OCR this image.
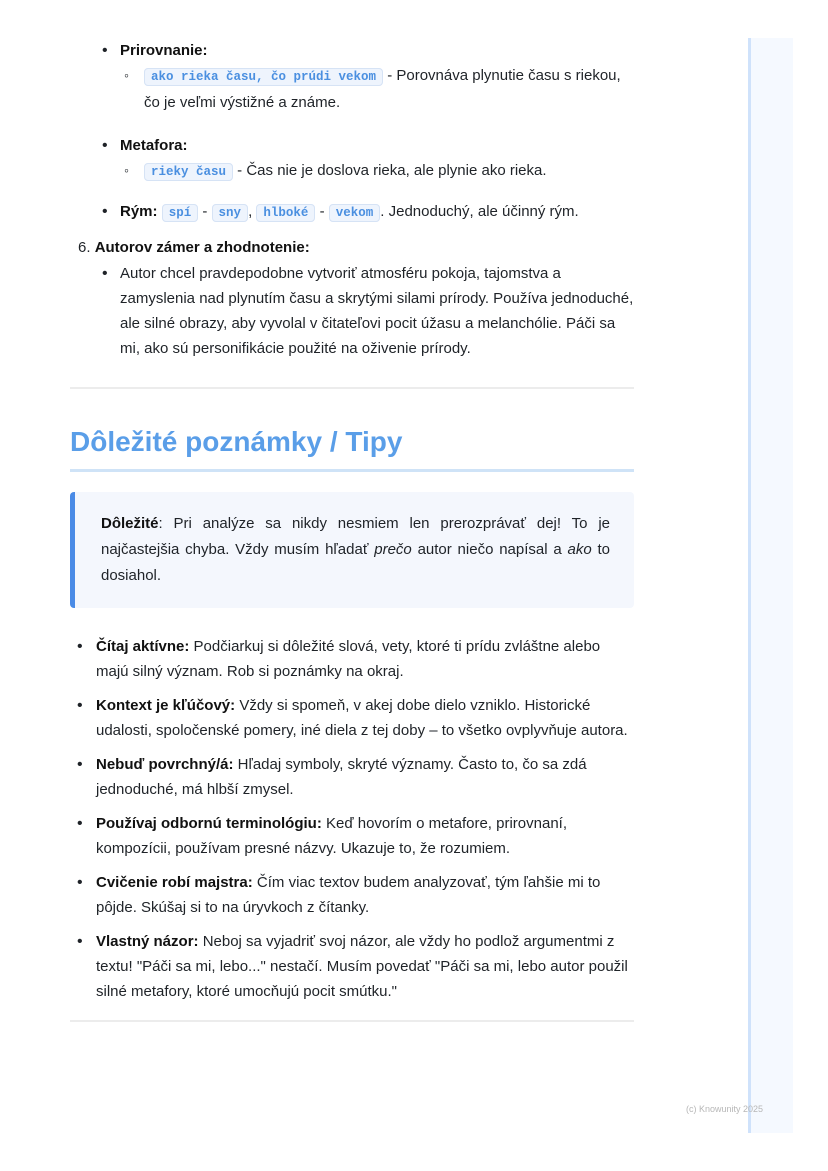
• Prirovnanie:
◦ ako rieka času, čo prúdi vekom - Porovnáva plynutie času s riekou, čo je veľmi výstižné a známe.
• Metafora:
◦ rieky času - Čas nie je doslova rieka, ale plynie ako rieka.
• Rým: spí - sny , hlboké - vekom . Jednoduchý, ale účinný rým.
6. Autorov zámer a zhodnotenie:
• Autor chcel pravdepodobne vytvoriť atmosféru pokoja, tajomstva a zamyslenia nad plynutím času a skrytými silami prírody. Používa jednoduché, ale silné obrazy, aby vyvolal v čitateľovi pocit úžasu a melanchólie. Páči sa mi, ako sú personifikácie použité na oživenie prírody.
Dôležité poznámky / Tipy
Dôležité: Pri analýze sa nikdy nesmiem len prerozprávať dej! To je najčastejšia chyba. Vždy musím hľadať prečo autor niečo napísal a ako to dosiahol.
• Čítaj aktívne: Podčiarkuj si dôležité slová, vety, ktoré ti prídu zvláštne alebo majú silný význam. Rob si poznámky na okraj.
• Kontext je kľúčový: Vždy si spomeň, v akej dobe dielo vzniklo. Historické udalosti, spoločenské pomery, iné diela z tej doby – to všetko ovplyvňuje autora.
• Nebuď povrchný/á: Hľadaj symboly, skryté významy. Často to, čo sa zdá jednoduché, má hlbší zmysel.
• Používaj odbornú terminológiu: Keď hovorím o metafore, prirovnaní, kompozícii, používam presné názvy. Ukazuje to, že rozumiem.
• Cvičenie robí majstra: Čím viac textov budem analyzovať, tým ľahšie mi to pôjde. Skúšaj si to na úryvkoch z čítanky.
• Vlastný názor: Neboj sa vyjadriť svoj názor, ale vždy ho podlož argumentmi z textu! "Páči sa mi, lebo..." nestačí. Musím povedať "Páči sa mi, lebo autor použil silné metafory, ktoré umocňujú pocit smútku."
(c) Knowunity 2025
